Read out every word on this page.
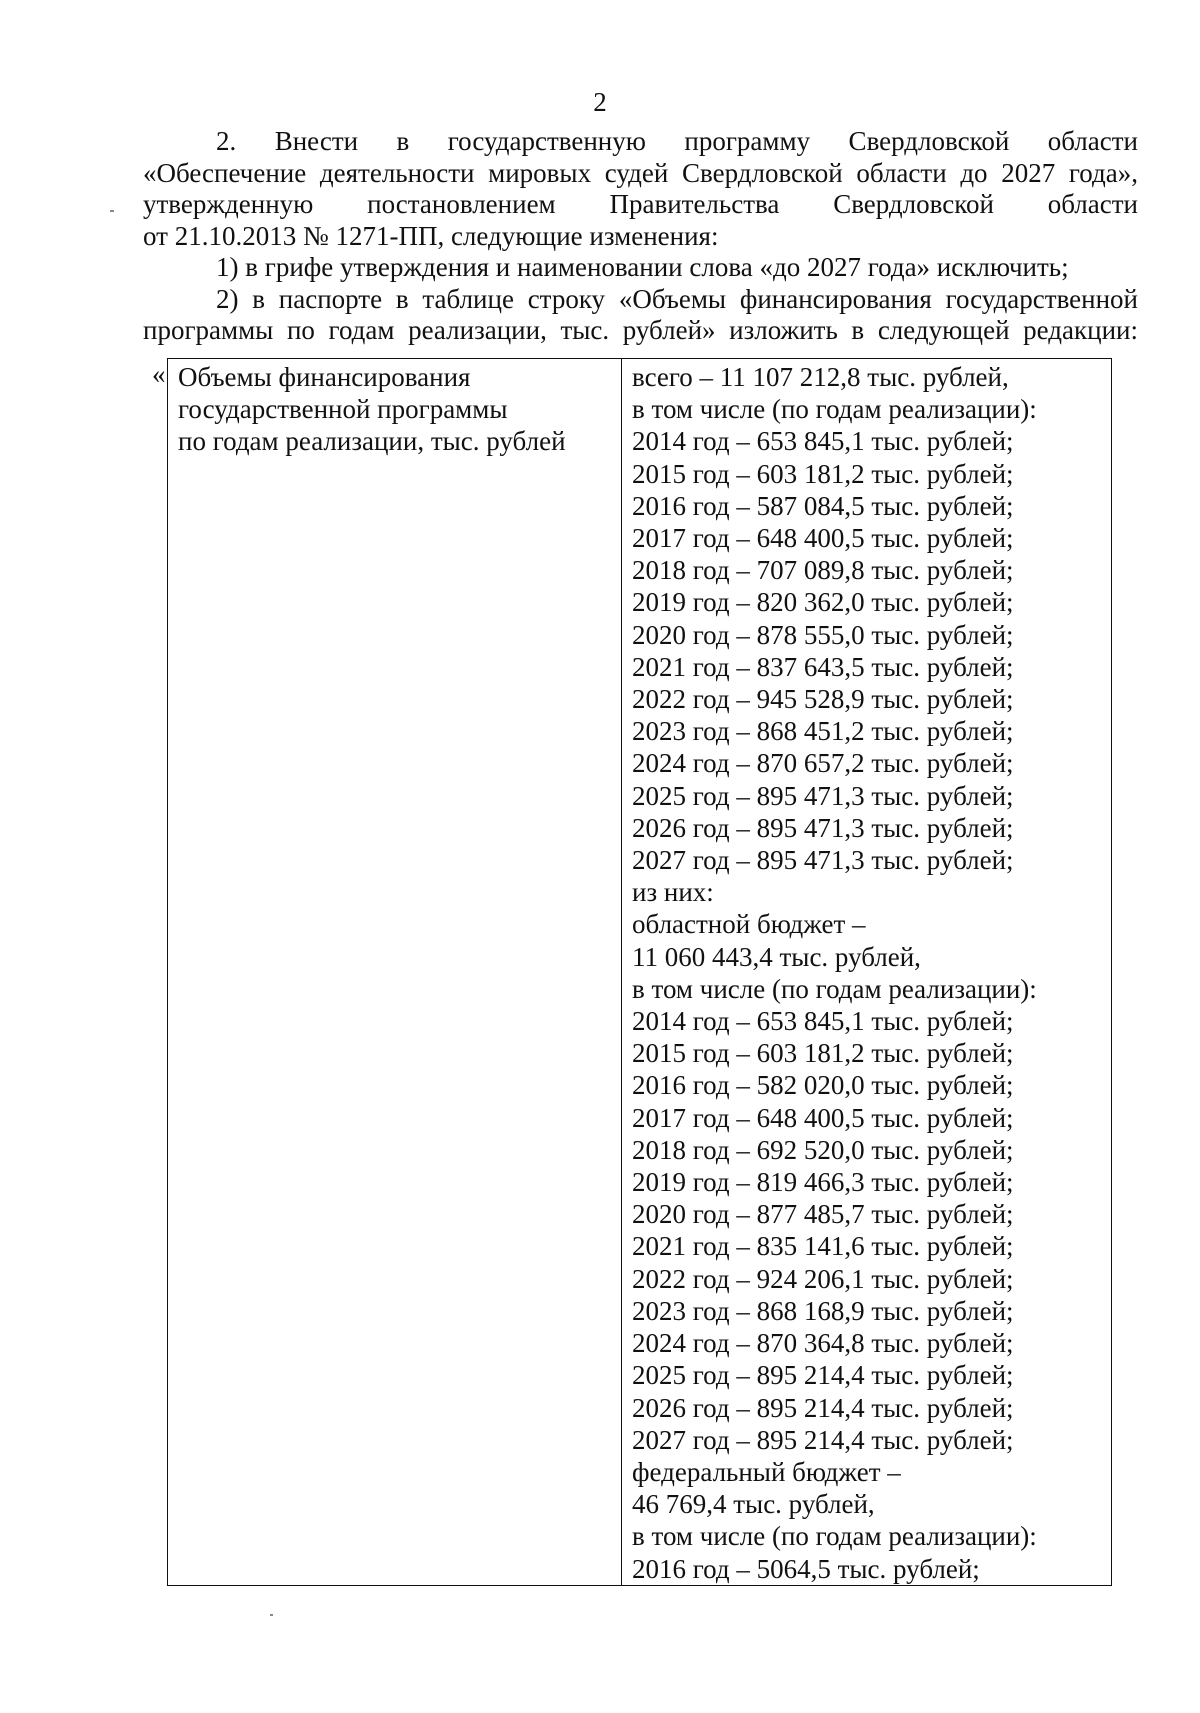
2

2. Внести в государственную программу Свердловской области

«Обеспечение деятельности мировых судей Свердловской области до 2027 года»,

утвержденную постановлением Правительства Свердловской области

от 21.10.2013 № 1271-ПП, следующие изменения:

1) в грифе утверждения и наименовании слова «до 2027 года» исключить;

2) в паспорте в таблице строку «Объемы финансирования государственной

программы по годам реализации, тыс. рублей» изложить в следующей редакции:

« Объемы финансирования
государственной программы
по годам реализации, тыс. рублей
всего – 11 107 212,8 тыс. рублей,
в том числе (по годам реализации):
2014 год – 653 845,1 тыс. рублей;
2015 год – 603 181,2 тыс. рублей;
2016 год – 587 084,5 тыс. рублей;
2017 год – 648 400,5 тыс. рублей;
2018 год – 707 089,8 тыс. рублей;
2019 год – 820 362,0 тыс. рублей;
2020 год – 878 555,0 тыс. рублей;
2021 год – 837 643,5 тыс. рублей;
2022 год – 945 528,9 тыс. рублей;
2023 год – 868 451,2 тыс. рублей;
2024 год – 870 657,2 тыс. рублей;
2025 год – 895 471,3 тыс. рублей;
2026 год – 895 471,3 тыс. рублей;
2027 год – 895 471,3 тыс. рублей;
из них:
областной бюджет –
11 060 443,4 тыс. рублей,
в том числе (по годам реализации):
2014 год – 653 845,1 тыс. рублей;
2015 год – 603 181,2 тыс. рублей;
2016 год – 582 020,0 тыс. рублей;
2017 год – 648 400,5 тыс. рублей;
2018 год – 692 520,0 тыс. рублей;
2019 год – 819 466,3 тыс. рублей;
2020 год – 877 485,7 тыс. рублей;
2021 год – 835 141,6 тыс. рублей;
2022 год – 924 206,1 тыс. рублей;
2023 год – 868 168,9 тыс. рублей;
2024 год – 870 364,8 тыс. рублей;
2025 год – 895 214,4 тыс. рублей;
2026 год – 895 214,4 тыс. рублей;
2027 год – 895 214,4 тыс. рублей;
федеральный бюджет –
46 769,4 тыс. рублей,
в том числе (по годам реализации):
2016 год – 5064,5 тыс. рублей;
